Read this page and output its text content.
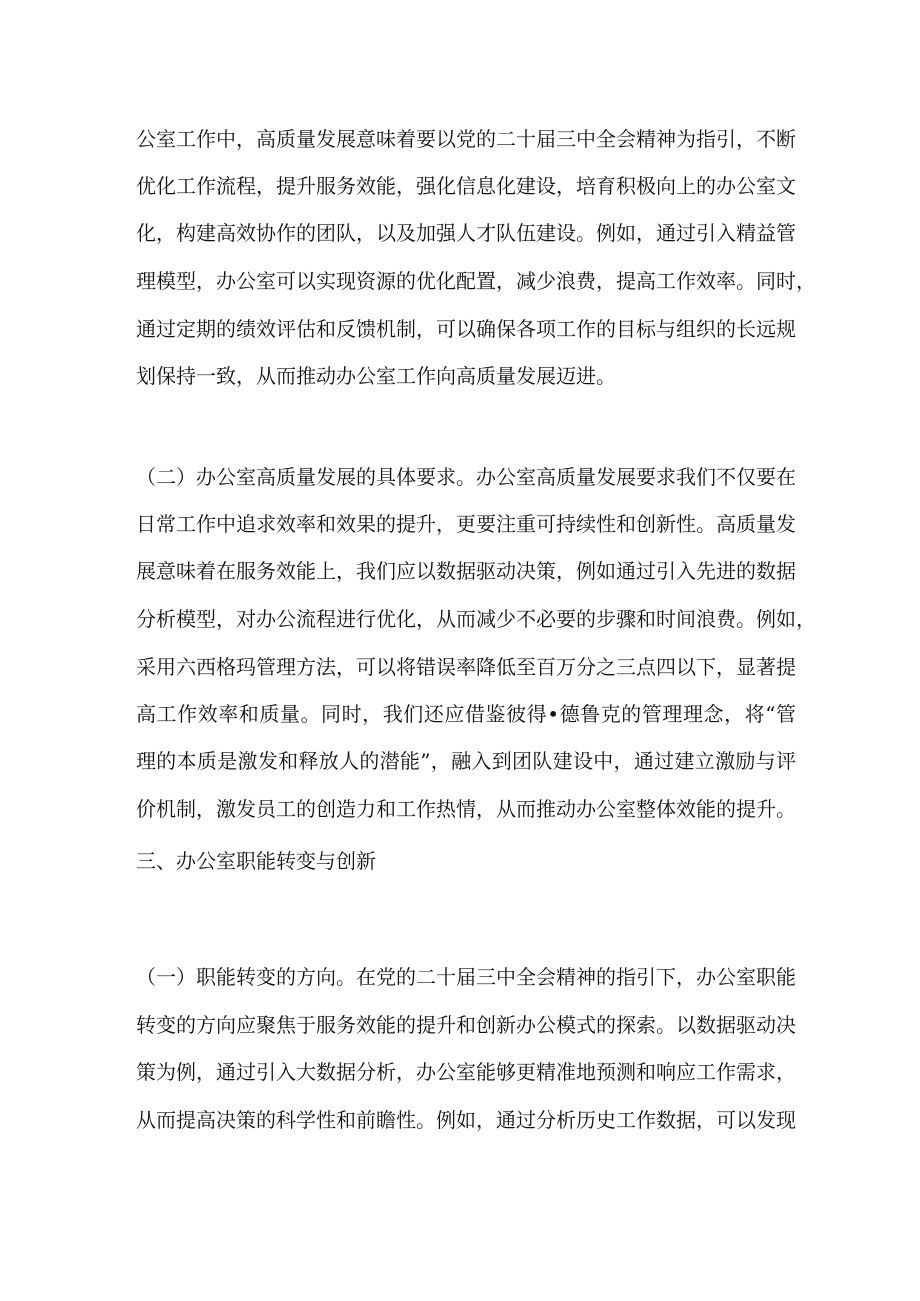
公室工作中，高质量发展意味着要以党的二十届三中全会精神为指引，不断
优化工作流程，提升服务效能，强化信息化建设，培育积极向上的办公室文
化，构建高效协作的团队，以及加强人才队伍建设。例如，通过引入精益管
理模型，办公室可以实现资源的优化配置，减少浪费，提高工作效率。同时，
通过定期的绩效评估和反馈机制，可以确保各项工作的目标与组织的长远规
划保持一致，从而推动办公室工作向高质量发展迈进。
（二）办公室高质量发展的具体要求。办公室高质量发展要求我们不仅要在
日常工作中追求效率和效果的提升，更要注重可持续性和创新性。高质量发
展意味着在服务效能上，我们应以数据驱动决策，例如通过引入先进的数据
分析模型，对办公流程进行优化，从而减少不必要的步骤和时间浪费。例如，
采用六西格玛管理方法，可以将错误率降低至百万分之三点四以下，显著提
高工作效率和质量。同时，我们还应借鉴彼得•德鲁克的管理理念，将“管
理的本质是激发和释放人的潜能”，融入到团队建设中，通过建立激励与评
价机制，激发员工的创造力和工作热情，从而推动办公室整体效能的提升。
三、办公室职能转变与创新
（一）职能转变的方向。在党的二十届三中全会精神的指引下，办公室职能
转变的方向应聚焦于服务效能的提升和创新办公模式的探索。以数据驱动决
策为例，通过引入大数据分析，办公室能够更精准地预测和响应工作需求，
从而提高决策的科学性和前瞻性。例如，通过分析历史工作数据，可以发现
